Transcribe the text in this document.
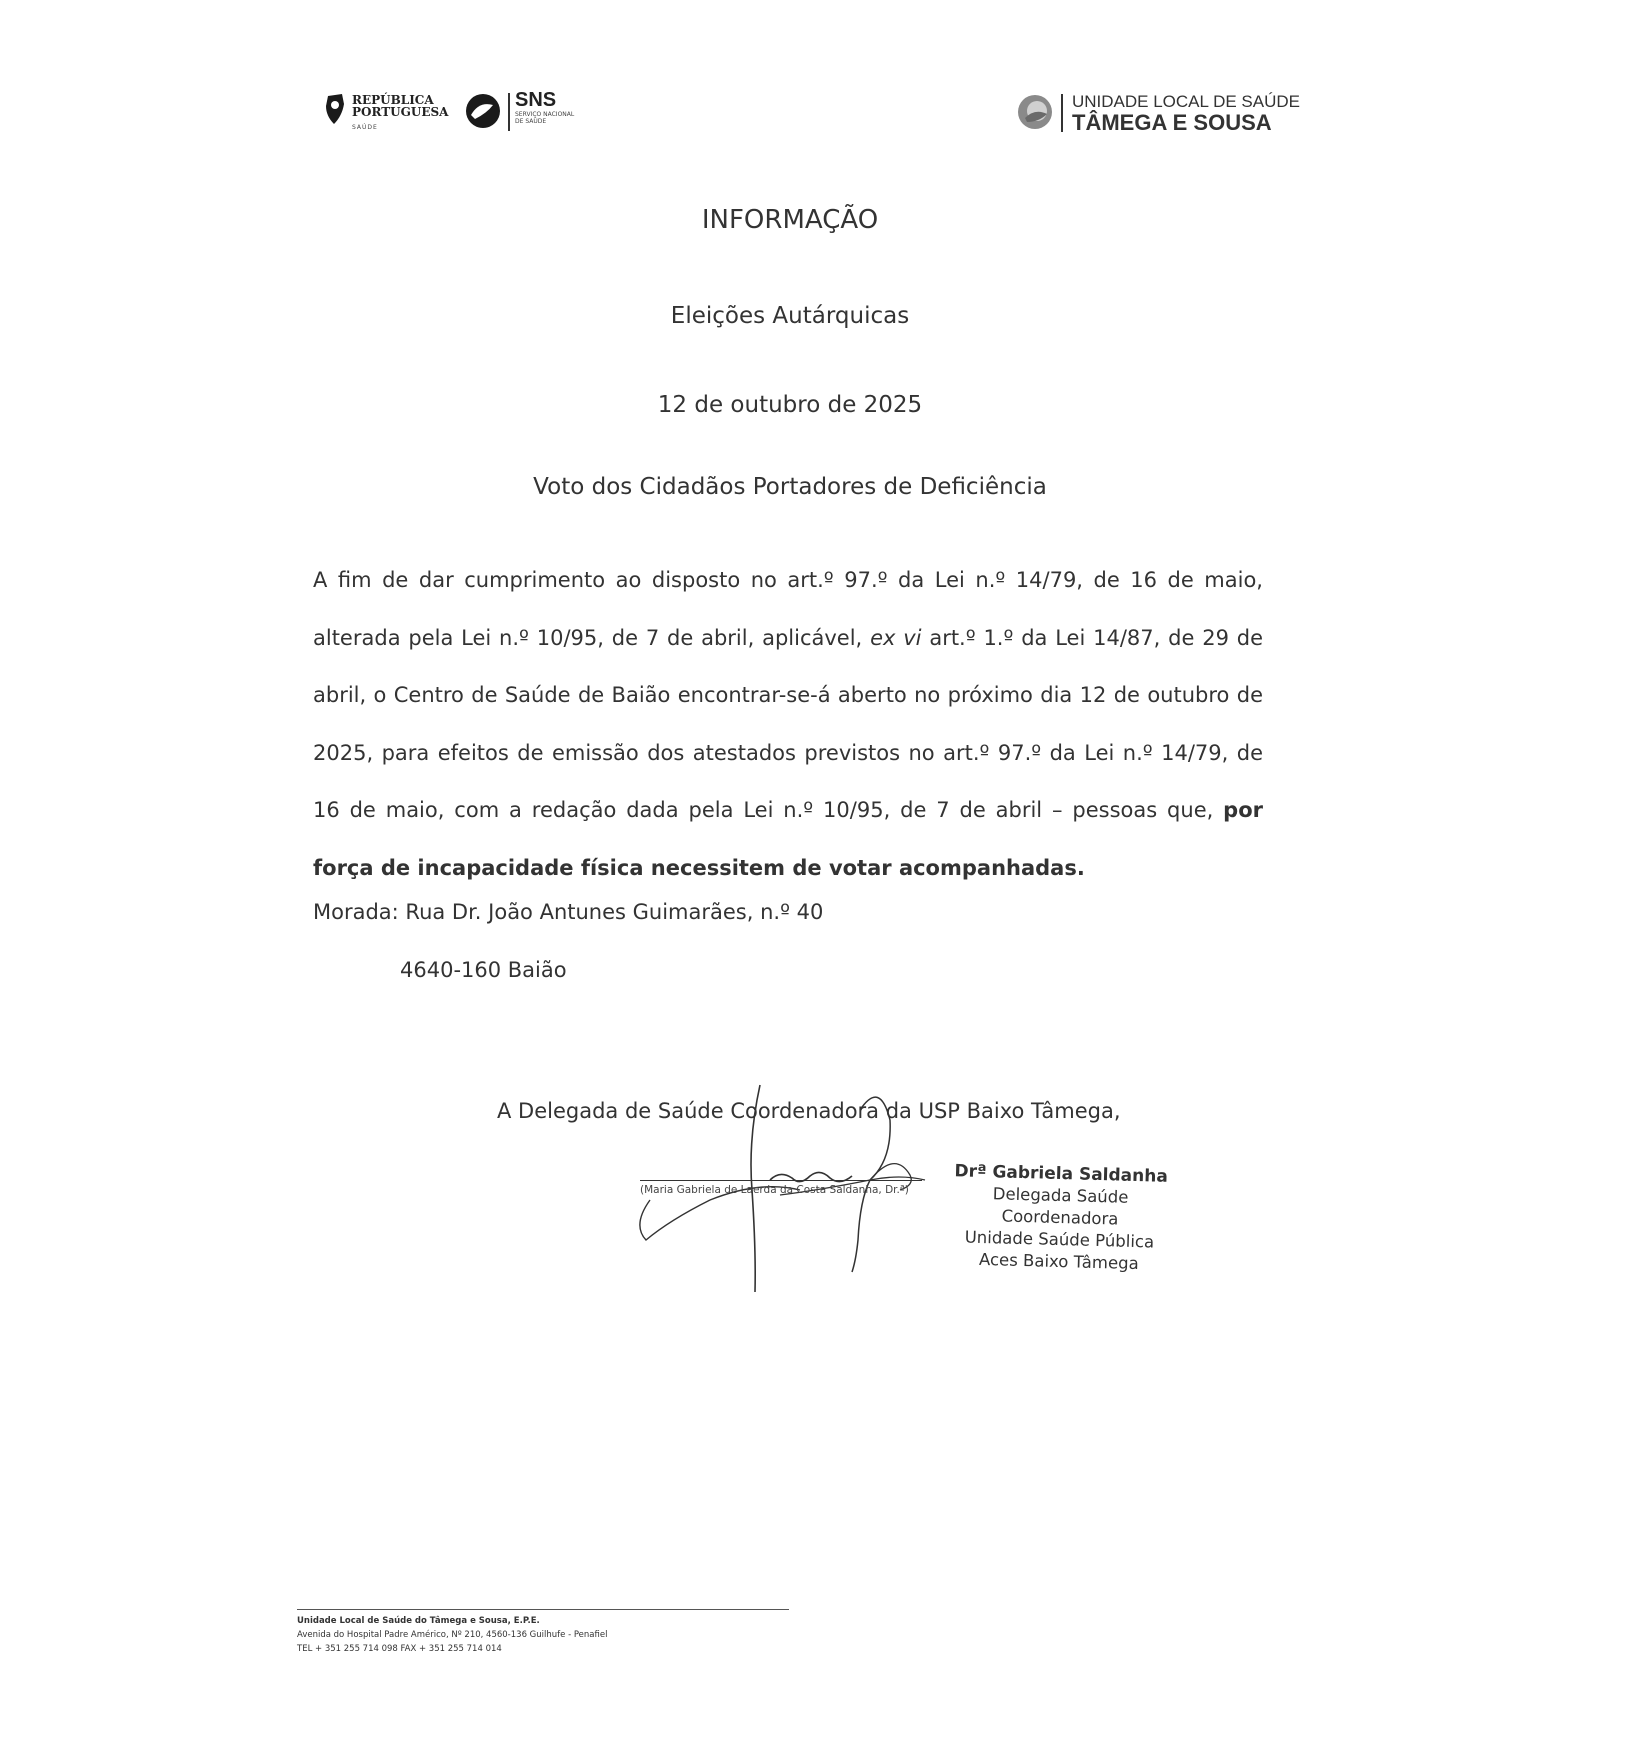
REPÚBLICA
PORTUGUESA
SAÚDE
SNS
SERVIÇO NACIONAL
DE SAÚDE
UNIDADE LOCAL DE SAÚDE
TÂMEGA E SOUSA
INFORMAÇÃO
Eleições Autárquicas
12 de outubro de 2025
Voto dos Cidadãos Portadores de Deficiência
A fim de dar cumprimento ao disposto no art.º 97.º da Lei n.º 14/79, de 16 de maio, alterada pela Lei n.º 10/95, de 7 de abril, aplicável, ex vi art.º 1.º da Lei 14/87, de 29 de abril, o Centro de Saúde de Baião encontrar-se-á aberto no próximo dia 12 de outubro de 2025, para efeitos de emissão dos atestados previstos no art.º 97.º da Lei n.º 14/79, de 16 de maio, com a redação dada pela Lei n.º 10/95, de 7 de abril – pessoas que, por força de incapacidade física necessitem de votar acompanhadas.
Morada: Rua Dr. João Antunes Guimarães, n.º 40
4640-160 Baião
A Delegada de Saúde Coordenadora da USP Baixo Tâmega,
(Maria Gabriela de Laerda da Costa Saldanha, Dr.ª)
Drª Gabriela Saldanha
Delegada Saúde Coordenadora
Unidade Saúde Pública
Aces Baixo Tâmega
Unidade Local de Saúde do Tâmega e Sousa, E.P.E.
Avenida do Hospital Padre Américo, Nº 210, 4560-136 Guilhufe - Penafiel
TEL + 351 255 714 098 FAX + 351 255 714 014
